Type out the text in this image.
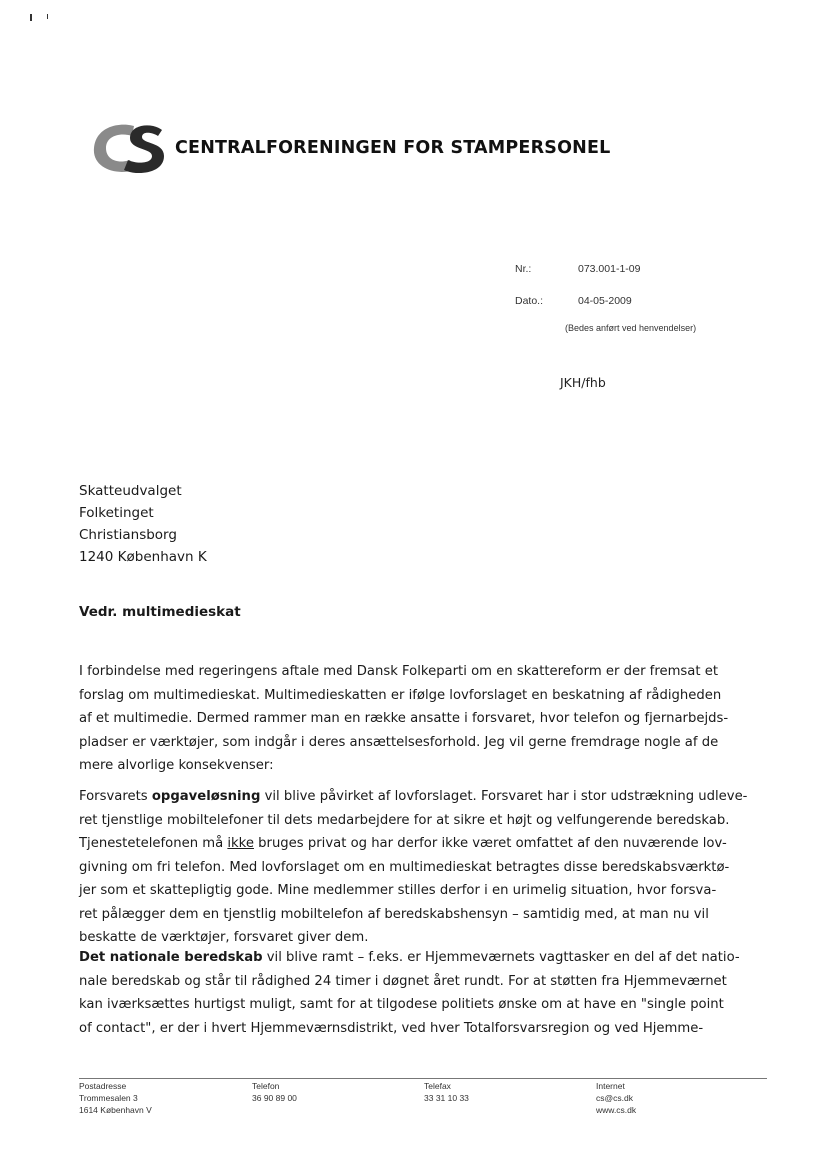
CENTRALFORENINGEN FOR STAMPERSONEL
Nr.:	073.001-1-09
Dato.:	04-05-2009
(Bedes anført ved henvendelser)
JKH/fhb
Skatteudvalget
Folketinget
Christiansborg
1240 København K
Vedr. multimedieskat
I forbindelse med regeringens aftale med Dansk Folkeparti om en skattereform er der fremsat et
forslag om multimedieskat. Multimedieskatten er ifølge lovforslaget en beskatning af rådigheden
af et multimedie. Dermed rammer man en række ansatte i forsvaret, hvor telefon og fjernarbejds-
pladser er værktøjer, som indgår i deres ansættelsesforhold. Jeg vil gerne fremdrage nogle af de
mere alvorlige konsekvenser:
Forsvarets opgaveløsning vil blive påvirket af lovforslaget. Forsvaret har i stor udstrækning udleve-
ret tjenstlige mobiltelefoner til dets medarbejdere for at sikre et højt og velfungerende beredskab.
Tjenestetelefonen må ikke bruges privat og har derfor ikke været omfattet af den nuværende lov-
givning om fri telefon. Med lovforslaget om en multimedieskat betragtes disse beredskabsværktø-
jer som et skattepligtig gode. Mine medlemmer stilles derfor i en urimelig situation, hvor forsva-
ret pålægger dem en tjenstlig mobiltelefon af beredskabshensyn – samtidig med, at man nu vil
beskatte de værktøjer, forsvaret giver dem.
Det nationale beredskab vil blive ramt – f.eks. er Hjemmeværnets vagttasker en del af det natio-
nale beredskab og står til rådighed 24 timer i døgnet året rundt. For at støtten fra Hjemmeværnet
kan iværksættes hurtigst muligt, samt for at tilgodese politiets ønske om at have en "single point
of contact", er der i hvert Hjemmeværnsdistrikt, ved hver Totalforsvarsregion og ved Hjemme-
Postadresse
Trommesalen 3
1614 København V
Telefon
36 90 89 00
Telefax
33 31 10 33
Internet
cs@cs.dk
www.cs.dk
